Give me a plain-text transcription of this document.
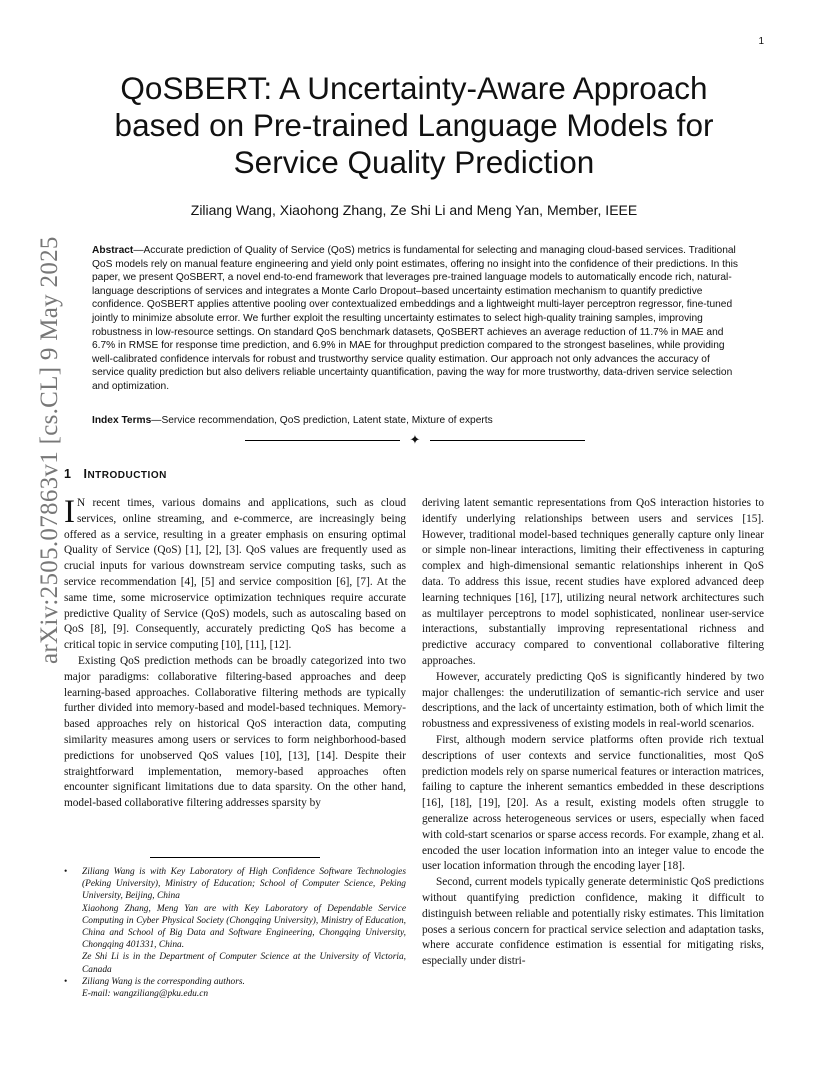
1
arXiv:2505.07863v1 [cs.CL] 9 May 2025
QoSBERT: A Uncertainty-Aware Approach
based on Pre-trained Language Models for
Service Quality Prediction
Ziliang Wang, Xiaohong Zhang, Ze Shi Li and Meng Yan, Member, IEEE

Abstract—Accurate prediction of Quality of Service (QoS) metrics is fundamental for selecting and managing cloud-based services. Traditional QoS models rely on manual feature engineering and yield only point estimates, offering no insight into the confidence of their predictions. In this paper, we present QoSBERT, a novel end-to-end framework that leverages pre-trained language models to automatically encode rich, natural-language descriptions of services and integrates a Monte Carlo Dropout–based uncertainty estimation mechanism to quantify predictive confidence. QoSBERT applies attentive pooling over contextualized embeddings and a lightweight multi-layer perceptron regressor, fine-tuned jointly to minimize absolute error. We further exploit the resulting uncertainty estimates to select high-quality training samples, improving robustness in low-resource settings. On standard QoS benchmark datasets, QoSBERT achieves an average reduction of 11.7% in MAE and 6.7% in RMSE for response time prediction, and 6.9% in MAE for throughput prediction compared to the strongest baselines, while providing well-calibrated confidence intervals for robust and trustworthy service quality estimation. Our approach not only advances the accuracy of service quality prediction but also delivers reliable uncertainty quantification, paving the way for more trustworthy, data-driven service selection and optimization.

Index Terms—Service recommendation, QoS prediction, Latent state, Mixture of experts

✦
1 INTRODUCTION

I N recent times, various domains and applications, such as cloud services, online streaming, and e-commerce, are increasingly being offered as a service, resulting in a greater emphasis on ensuring optimal Quality of Service (QoS) [1], [2], [3]. QoS values are frequently used as crucial inputs for various downstream service computing tasks, such as service recommendation [4], [5] and service composition [6], [7]. At the same time, some microservice optimization techniques require accurate predictive Quality of Service (QoS) models, such as autoscaling based on QoS [8], [9]. Consequently, accurately predicting QoS has become a critical topic in service computing [10], [11], [12].

Existing QoS prediction methods can be broadly categorized into two major paradigms: collaborative filtering-based approaches and deep learning-based approaches. Collaborative filtering methods are typically further divided into memory-based and model-based techniques. Memory-based approaches rely on historical QoS interaction data, computing similarity measures among users or services to form neighborhood-based predictions for unobserved QoS values [10], [13], [14]. Despite their straightforward implementation, memory-based approaches often encounter significant limitations due to data sparsity. On the other hand, model-based collaborative filtering addresses sparsity by

deriving latent semantic representations from QoS interaction histories to identify underlying relationships between users and services [15]. However, traditional model-based techniques generally capture only linear or simple non-linear interactions, limiting their effectiveness in capturing complex and high-dimensional semantic relationships inherent in QoS data. To address this issue, recent studies have explored advanced deep learning techniques [16], [17], utilizing neural network architectures such as multilayer perceptrons to model sophisticated, nonlinear user-service interactions, substantially improving representational richness and predictive accuracy compared to conventional collaborative filtering approaches.

However, accurately predicting QoS is significantly hindered by two major challenges: the underutilization of semantic-rich service and user descriptions, and the lack of uncertainty estimation, both of which limit the robustness and expressiveness of existing models in real-world scenarios.

First, although modern service platforms often provide rich textual descriptions of user contexts and service functionalities, most QoS prediction models rely on sparse numerical features or interaction matrices, failing to capture the inherent semantics embedded in these descriptions [16], [18], [19], [20]. As a result, existing models often struggle to generalize across heterogeneous services or users, especially when faced with cold-start scenarios or sparse access records. For example, zhang et al. encoded the user location information into an integer value to encode the user location information through the encoding layer [18].

Second, current models typically generate deterministic QoS predictions without quantifying prediction confidence, making it difficult to distinguish between reliable and potentially risky estimates. This limitation poses a serious concern for practical service selection and adaptation tasks, where accurate confidence estimation is essential for mitigating risks, especially under distri-

• Ziliang Wang is with Key Laboratory of High Confidence Software Technologies (Peking University), Ministry of Education; School of Computer Science, Peking University, Beijing, China
Xiaohong Zhang, Meng Yan are with Key Laboratory of Dependable Service Computing in Cyber Physical Society (Chongqing University), Ministry of Education, China and School of Big Data and Software Engineering, Chongqing University, Chongqing 401331, China.
Ze Shi Li is in the Department of Computer Science at the University of Victoria, Canada
• Ziliang Wang is the corresponding authors.
E-mail: wangziliang@pku.edu.cn
